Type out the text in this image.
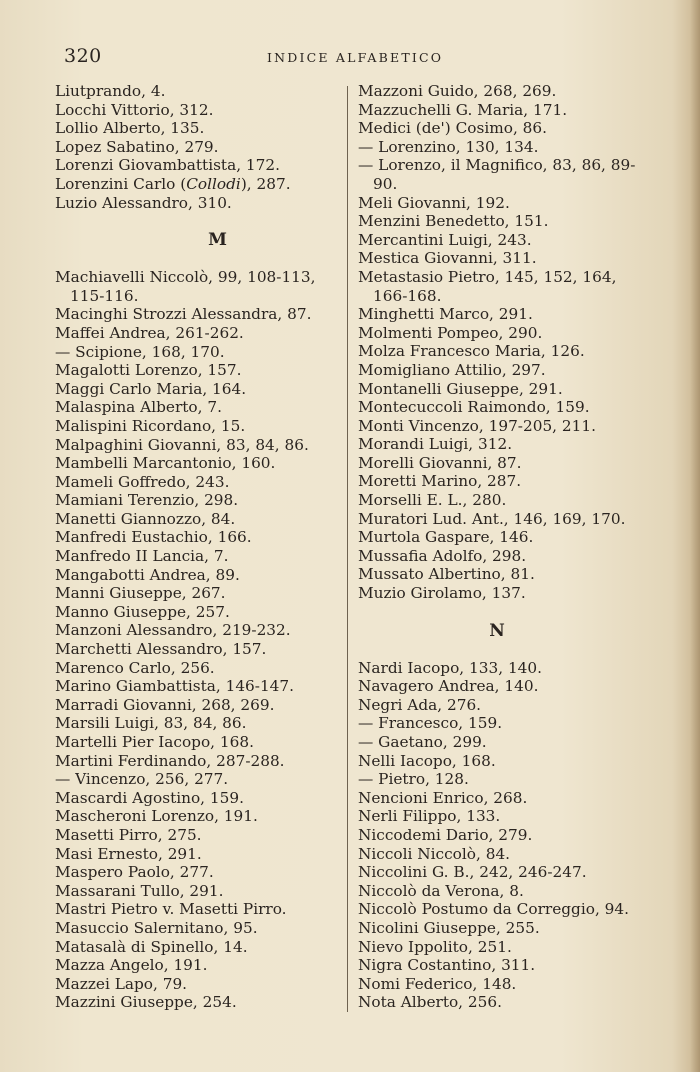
320	INDICE ALFABETICO
Liutprando, 4.
Locchi Vittorio, 312.
Lollio Alberto, 135.
Lopez Sabatino, 279.
Lorenzi Giovambattista, 172.
Lorenzini Carlo (Collodi), 287.
Luzio Alessandro, 310.
M
Machiavelli Niccolò, 99, 108-113, 115-116.
Macinghi Strozzi Alessandra, 87.
Maffei Andrea, 261-262.
— Scipione, 168, 170.
Magalotti Lorenzo, 157.
Maggi Carlo Maria, 164.
Malaspina Alberto, 7.
Malispini Ricordano, 15.
Malpaghini Giovanni, 83, 84, 86.
Mambelli Marcantonio, 160.
Mameli Goffredo, 243.
Mamiani Terenzio, 298.
Manetti Giannozzo, 84.
Manfredi Eustachio, 166.
Manfredo II Lancia, 7.
Mangabotti Andrea, 89.
Manni Giuseppe, 267.
Manno Giuseppe, 257.
Manzoni Alessandro, 219-232.
Marchetti Alessandro, 157.
Marenco Carlo, 256.
Marino Giambattista, 146-147.
Marradi Giovanni, 268, 269.
Marsili Luigi, 83, 84, 86.
Martelli Pier Iacopo, 168.
Martini Ferdinando, 287-288.
— Vincenzo, 256, 277.
Mascardi Agostino, 159.
Mascheroni Lorenzo, 191.
Masetti Pirro, 275.
Masi Ernesto, 291.
Maspero Paolo, 277.
Massarani Tullo, 291.
Mastri Pietro v. Masetti Pirro.
Masuccio Salernitano, 95.
Matasalà di Spinello, 14.
Mazza Angelo, 191.
Mazzei Lapo, 79.
Mazzini Giuseppe, 254.
Mazzoni Guido, 268, 269.
Mazzuchelli G. Maria, 171.
Medici (de') Cosimo, 86.
— Lorenzino, 130, 134.
— Lorenzo, il Magnifico, 83, 86, 89-90.
Meli Giovanni, 192.
Menzini Benedetto, 151.
Mercantini Luigi, 243.
Mestica Giovanni, 311.
Metastasio Pietro, 145, 152, 164, 166-168.
Minghetti Marco, 291.
Molmenti Pompeo, 290.
Molza Francesco Maria, 126.
Momigliano Attilio, 297.
Montanelli Giuseppe, 291.
Montecuccoli Raimondo, 159.
Monti Vincenzo, 197-205, 211.
Morandi Luigi, 312.
Morelli Giovanni, 87.
Moretti Marino, 287.
Morselli E. L., 280.
Muratori Lud. Ant., 146, 169, 170.
Murtola Gaspare, 146.
Mussafia Adolfo, 298.
Mussato Albertino, 81.
Muzio Girolamo, 137.
N
Nardi Iacopo, 133, 140.
Navagero Andrea, 140.
Negri Ada, 276.
— Francesco, 159.
— Gaetano, 299.
Nelli Iacopo, 168.
— Pietro, 128.
Nencioni Enrico, 268.
Nerli Filippo, 133.
Niccodemi Dario, 279.
Niccoli Niccolò, 84.
Niccolini G. B., 242, 246-247.
Niccolò da Verona, 8.
Niccolò Postumo da Correggio, 94.
Nicolini Giuseppe, 255.
Nievo Ippolito, 251.
Nigra Costantino, 311.
Nomi Federico, 148.
Nota Alberto, 256.
